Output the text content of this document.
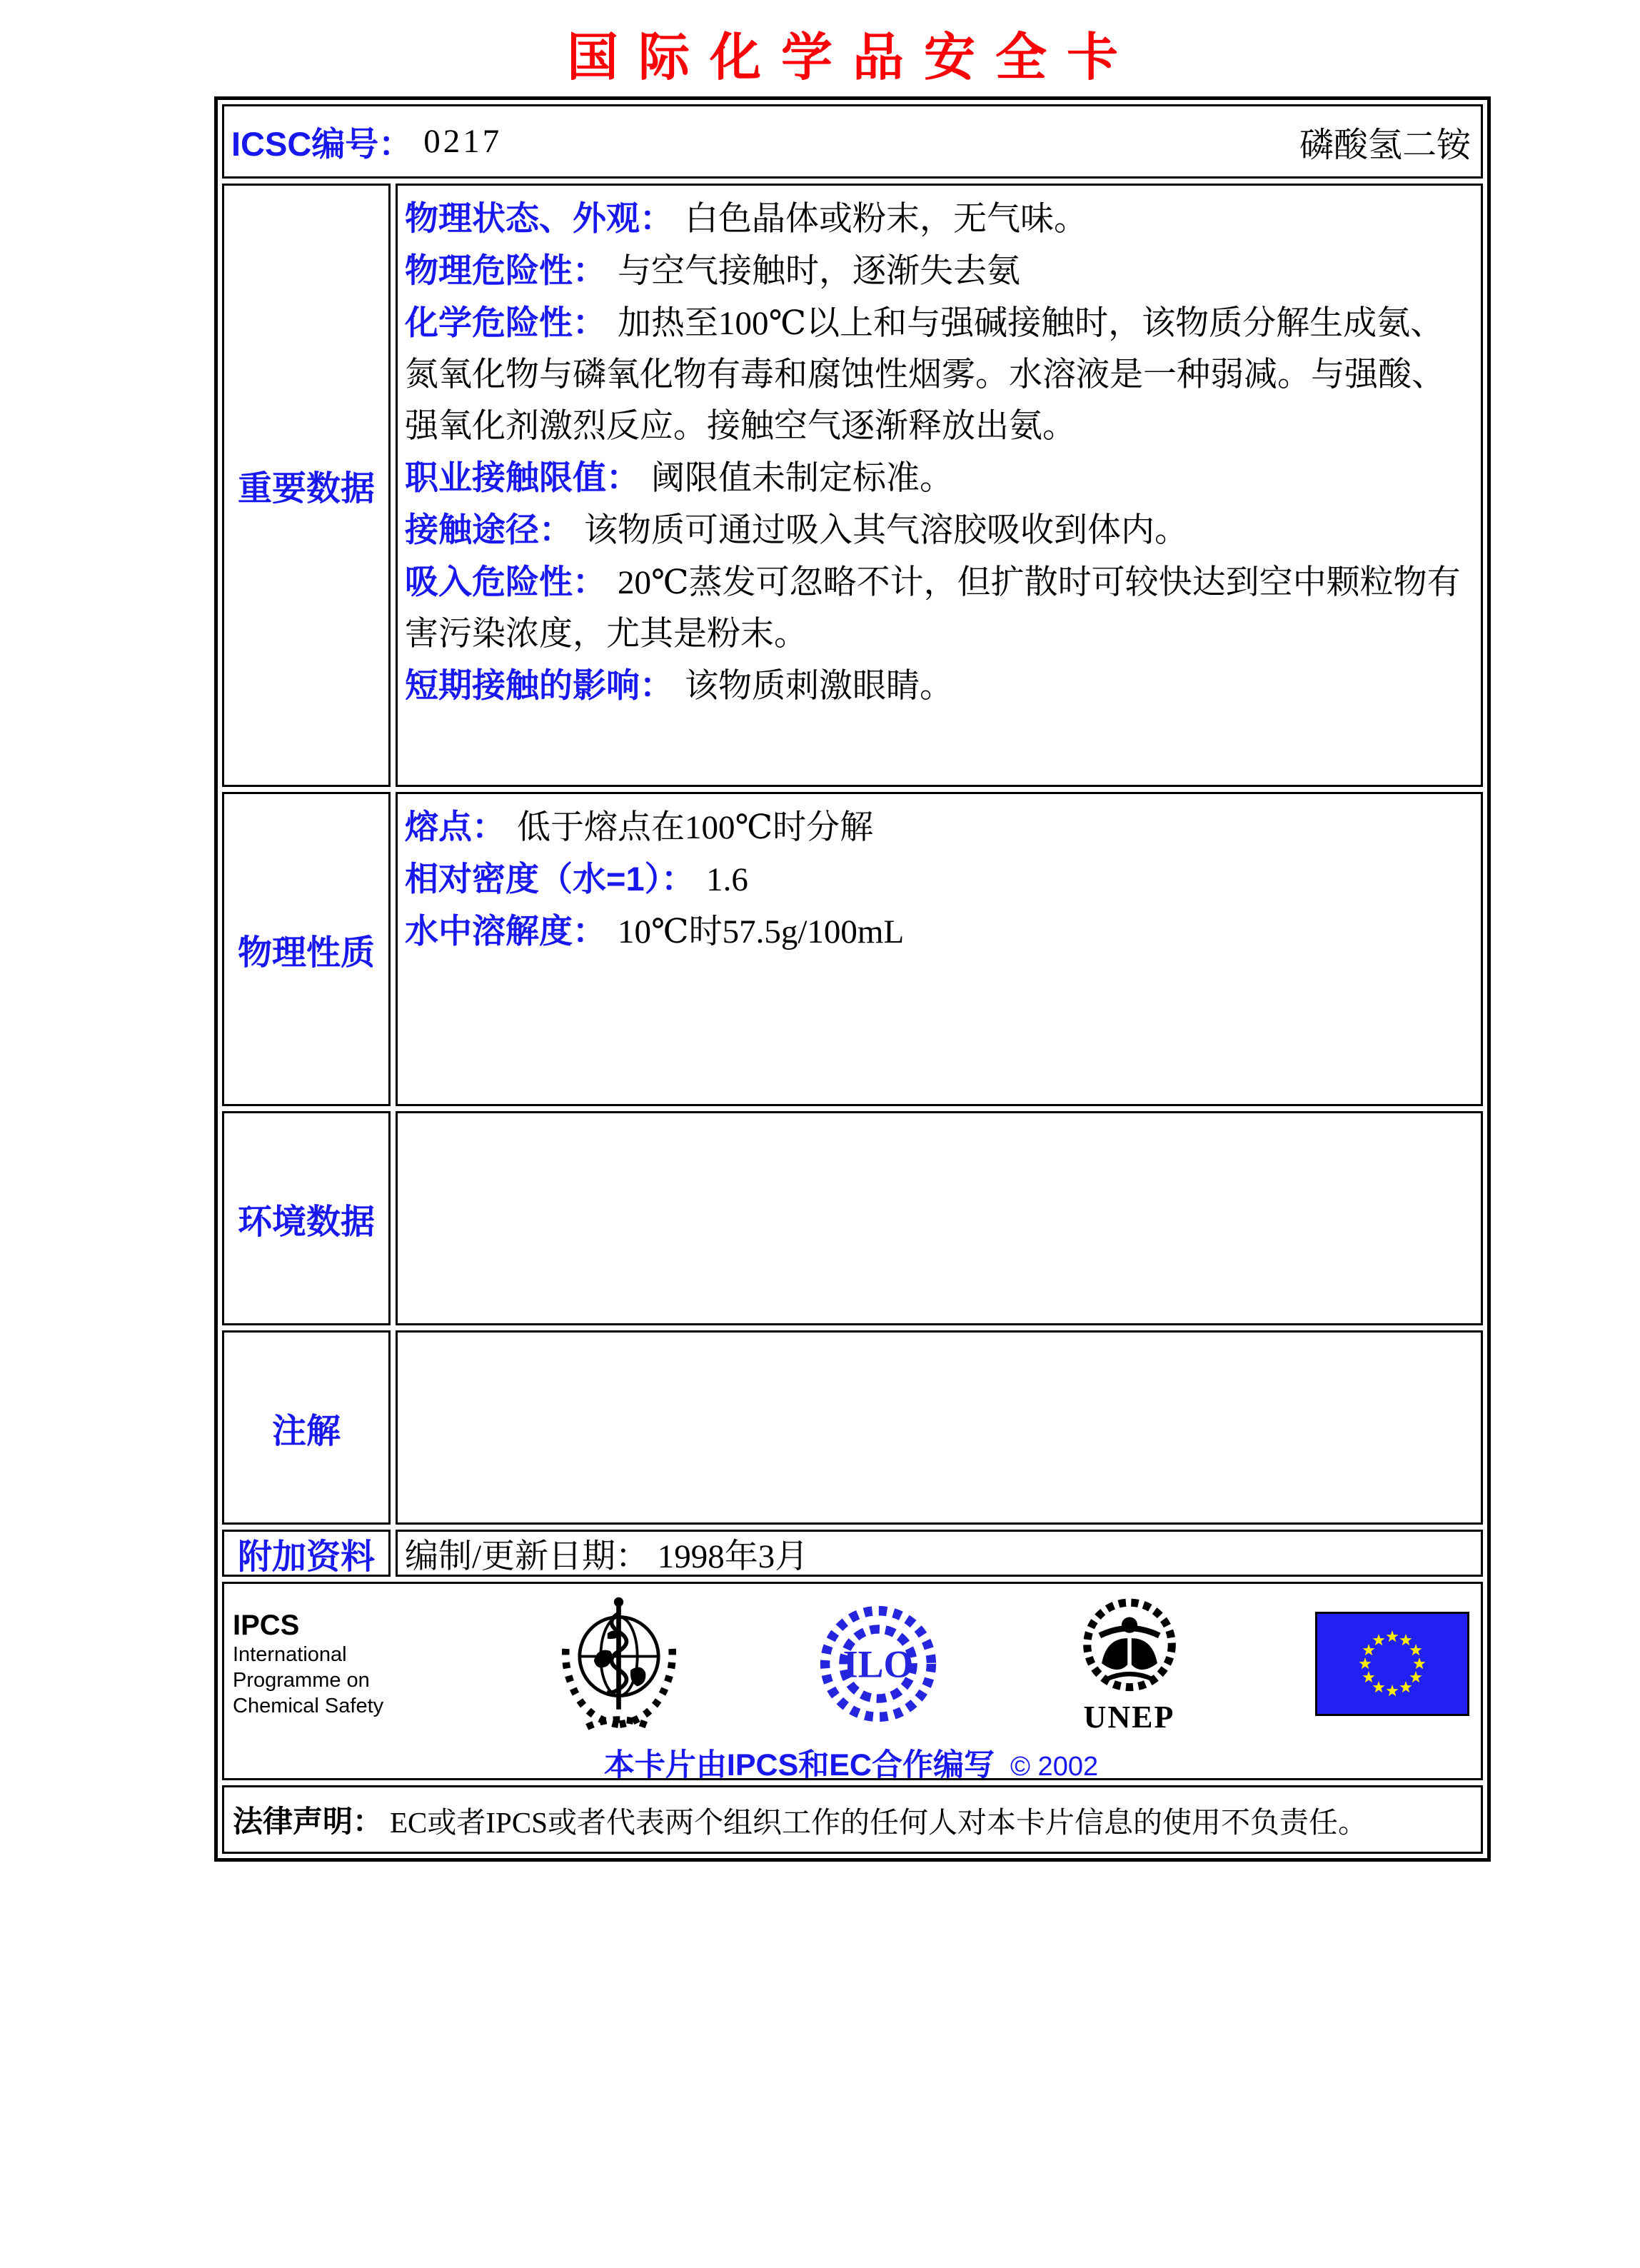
国际化学品安全卡
ICSC编号： 0217	磷酸氢二铵
重要数据
物理状态、外观： 白色晶体或粉末，无气味。
物理危险性： 与空气接触时，逐渐失去氨
化学危险性： 加热至100℃以上和与强碱接触时，该物质分解生成氨、氮氧化物与磷氧化物有毒和腐蚀性烟雾。水溶液是一种弱减。与强酸、强氧化剂激烈反应。接触空气逐渐释放出氨。
职业接触限值： 阈限值未制定标准。
接触途径： 该物质可通过吸入其气溶胶吸收到体内。
吸入危险性： 20℃蒸发可忽略不计，但扩散时可较快达到空中颗粒物有害污染浓度，尤其是粉末。
短期接触的影响： 该物质刺激眼睛。
物理性质
熔点： 低于熔点在100℃时分解
相对密度（水=1）： 1.6
水中溶解度： 10℃时57.5g/100mL
环境数据
注解
附加资料 编制/更新日期： 1998年3月
IPCS
International
Programme on
Chemical Safety
ILO
UNEP
本卡片由IPCS和EC合作编写 © 2002
法律声明： EC或者IPCS或者代表两个组织工作的任何人对本卡片信息的使用不负责任。
